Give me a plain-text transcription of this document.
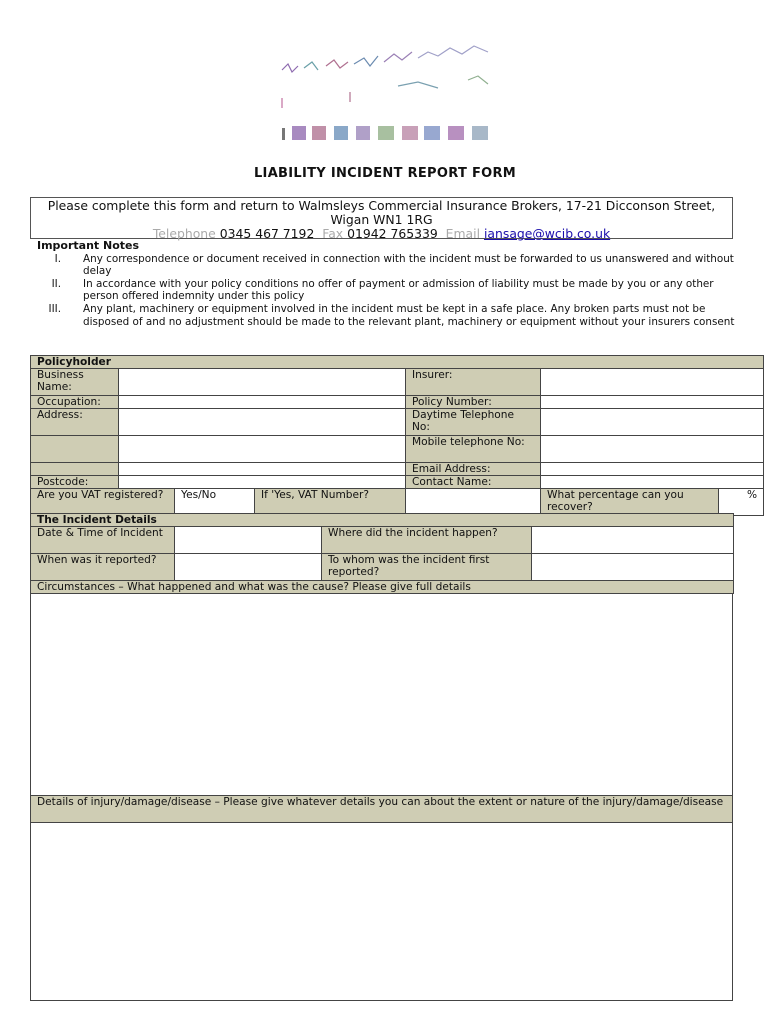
LIABILITY INCIDENT REPORT FORM
Please complete this form and return to Walmsleys Commercial Insurance Brokers, 17-21 Dicconson Street, Wigan WN1 1RG
Telephone 0345 467 7192 Fax 01942 765339 Email iansage@wcib.co.uk
Important Notes
I. Any correspondence or document received in connection with the incident must be forwarded to us unanswered and without delay
II. In accordance with your policy conditions no offer of payment or admission of liability must be made by you or any other person offered indemnity under this policy
III. Any plant, machinery or equipment involved in the incident must be kept in a safe place. Any broken parts must not be disposed of and no adjustment should be made to the relevant plant, machinery or equipment without your insurers consent
Policyholder						
Business Name:				Insurer:		
Occupation:				Policy Number:		
Address:				Daytime Telephone No:		
				Mobile telephone No:		
				Email Address:		
Postcode:				Contact Name:		
Are you VAT registered?		Yes/No	If 'Yes, VAT Number?		What percentage can you recover?	%
The Incident Details			
Date & Time of Incident		Where did the incident happen?	
When was it reported?		To whom was the incident first reported?	
Circumstances – What happened and what was the cause? Please give full details			
Details of injury/damage/disease – Please give whatever details you can about the extent or nature of the injury/damage/disease
